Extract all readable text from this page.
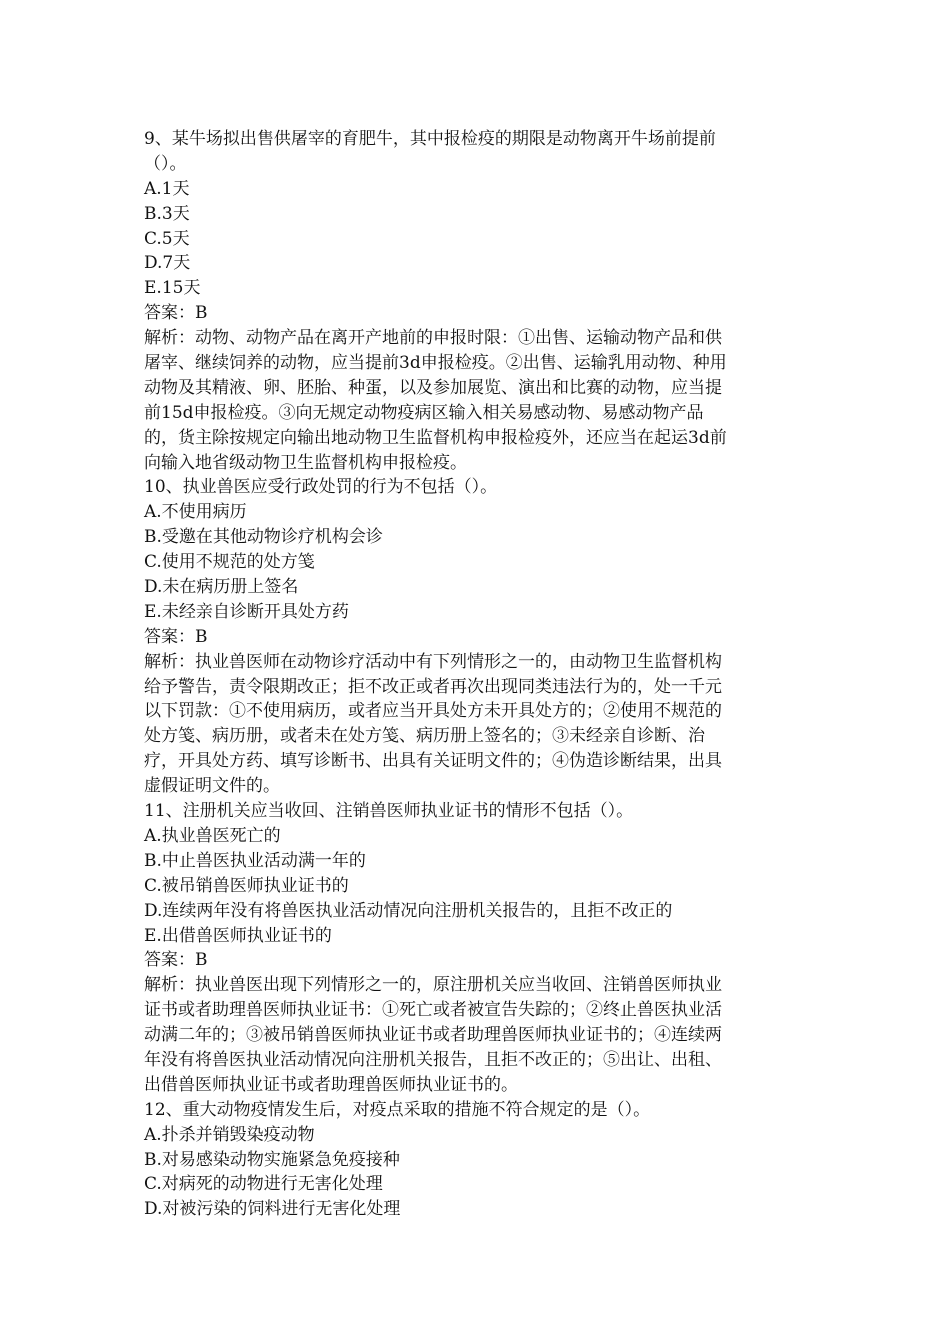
9、某牛场拟出售供屠宰的育肥牛，其中报检疫的期限是动物离开牛场前提前
（）。
A.1天
B.3天
C.5天
D.7天
E.15天
答案：B
解析：动物、动物产品在离开产地前的申报时限：①出售、运输动物产品和供
屠宰、继续饲养的动物，应当提前3d申报检疫。②出售、运输乳用动物、种用
动物及其精液、卵、胚胎、种蛋，以及参加展览、演出和比赛的动物，应当提
前15d申报检疫。③向无规定动物疫病区输入相关易感动物、易感动物产品
的，货主除按规定向输出地动物卫生监督机构申报检疫外，还应当在起运3d前
向输入地省级动物卫生监督机构申报检疫。
10、执业兽医应受行政处罚的行为不包括（）。
A.不使用病历
B.受邀在其他动物诊疗机构会诊
C.使用不规范的处方笺
D.未在病历册上签名
E.未经亲自诊断开具处方药
答案：B
解析：执业兽医师在动物诊疗活动中有下列情形之一的，由动物卫生监督机构
给予警告，责令限期改正；拒不改正或者再次出现同类违法行为的，处一千元
以下罚款：①不使用病历，或者应当开具处方未开具处方的；②使用不规范的
处方笺、病历册，或者未在处方笺、病历册上签名的；③未经亲自诊断、治
疗，开具处方药、填写诊断书、出具有关证明文件的；④伪造诊断结果，出具
虚假证明文件的。
11、注册机关应当收回、注销兽医师执业证书的情形不包括（）。
A.执业兽医死亡的
B.中止兽医执业活动满一年的
C.被吊销兽医师执业证书的
D.连续两年没有将兽医执业活动情况向注册机关报告的，且拒不改正的
E.出借兽医师执业证书的
答案：B
解析：执业兽医出现下列情形之一的，原注册机关应当收回、注销兽医师执业
证书或者助理兽医师执业证书：①死亡或者被宣告失踪的；②终止兽医执业活
动满二年的；③被吊销兽医师执业证书或者助理兽医师执业证书的；④连续两
年没有将兽医执业活动情况向注册机关报告，且拒不改正的；⑤出让、出租、
出借兽医师执业证书或者助理兽医师执业证书的。
12、重大动物疫情发生后，对疫点采取的措施不符合规定的是（）。
A.扑杀并销毁染疫动物
B.对易感染动物实施紧急免疫接种
C.对病死的动物进行无害化处理
D.对被污染的饲料进行无害化处理
